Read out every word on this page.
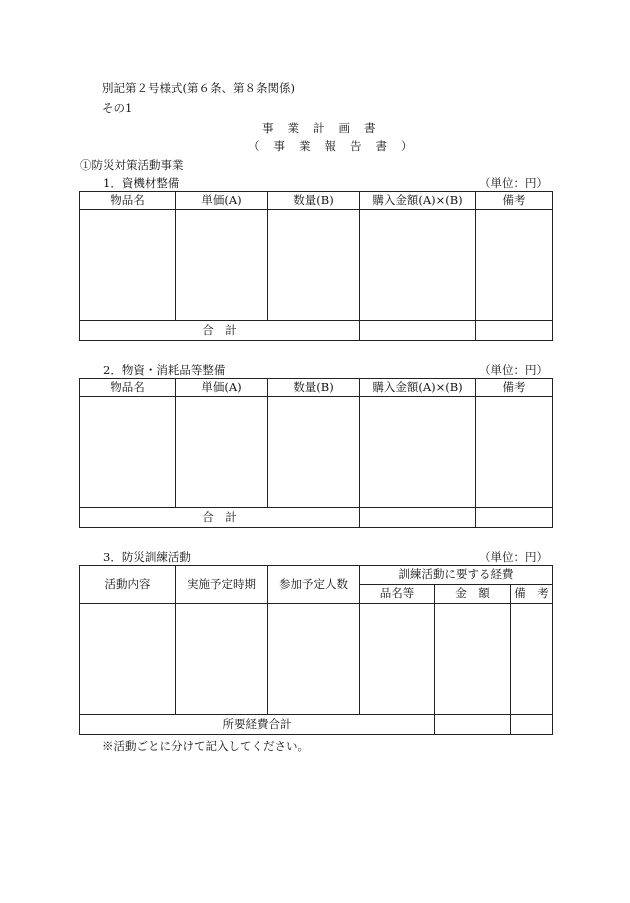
別記第２号様式(第６条、第８条関係)
その1
事業計画書
（事業報告書）
①防災対策活動事業
1．資機材整備	（単位：円）
物品名	単価(A)	数量(B)	購入金額(A)×(B)	備考

合　計				
2．物資・消耗品等整備	（単位：円）
物品名	単価(A)	数量(B)	購入金額(A)×(B)	備考

合　計				
3．防災訓練活動	（単位：円）
活動内容	実施予定時期	参加予定人数	訓練活動に要する経費		
			品名等	金　額	備　考

所要経費合計					
※活動ごとに分けて記入してください。
